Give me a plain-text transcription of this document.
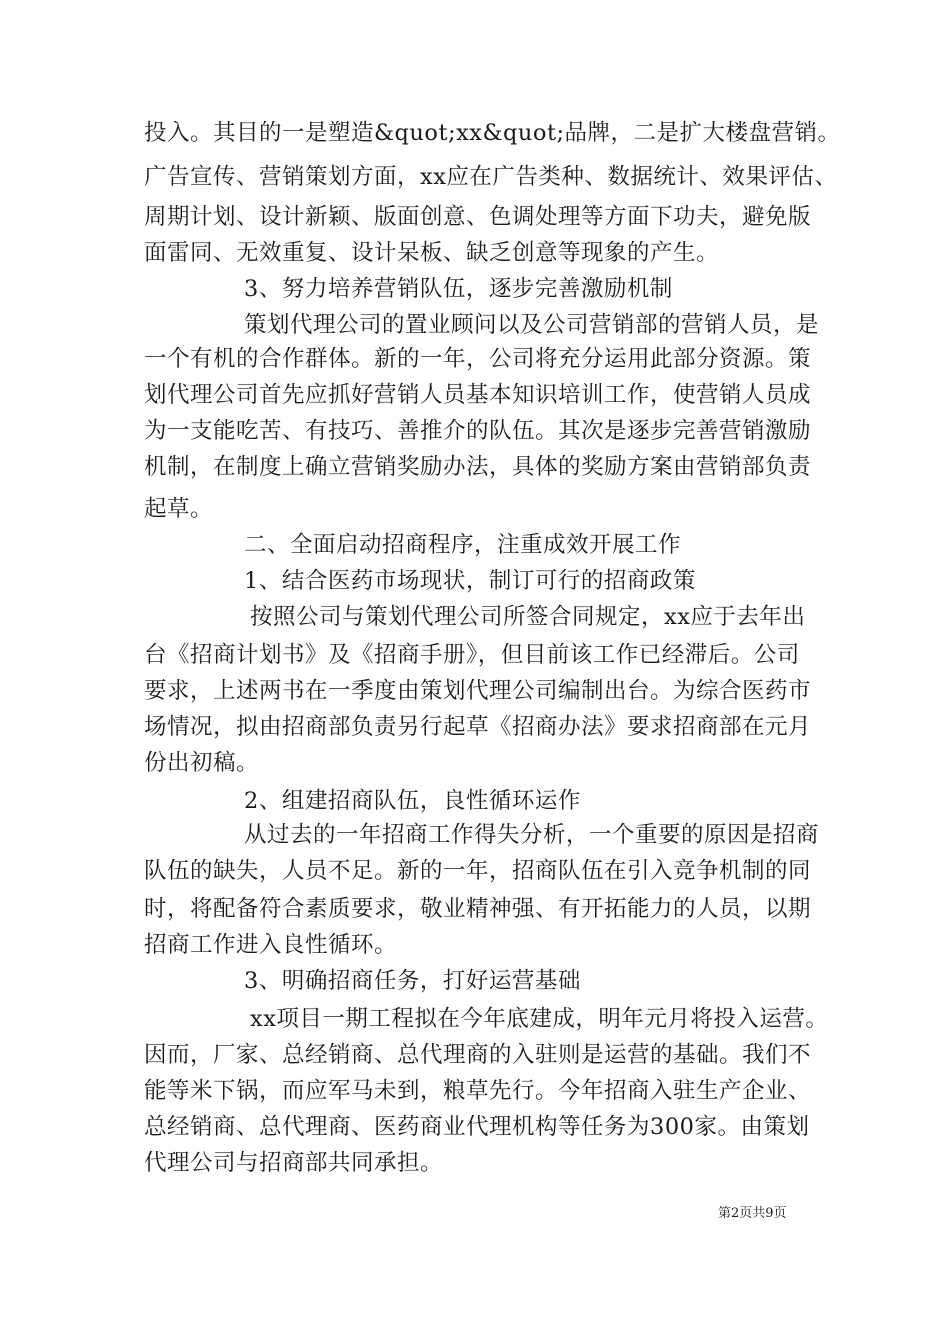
投入。其目的一是塑造&quot;xx&quot;品牌，二是扩大楼盘营销。
广告宣传、营销策划方面，xx应在广告类种、数据统计、效果评估、
周期计划、设计新颖、版面创意、色调处理等方面下功夫，避免版
面雷同、无效重复、设计呆板、缺乏创意等现象的产生。
3、努力培养营销队伍，逐步完善激励机制
策划代理公司的置业顾问以及公司营销部的营销人员，是
一个有机的合作群体。新的一年，公司将充分运用此部分资源。策
划代理公司首先应抓好营销人员基本知识培训工作，使营销人员成
为一支能吃苦、有技巧、善推介的队伍。其次是逐步完善营销激励
机制，在制度上确立营销奖励办法，具体的奖励方案由营销部负责
起草。
二、全面启动招商程序，注重成效开展工作
1、结合医药市场现状，制订可行的招商政策
按照公司与策划代理公司所签合同规定，xx应于去年出
台《招商计划书》及《招商手册》，但目前该工作已经滞后。公司
要求，上述两书在一季度由策划代理公司编制出台。为综合医药市
场情况，拟由招商部负责另行起草《招商办法》要求招商部在元月
份出初稿。
2、组建招商队伍，良性循环运作
从过去的一年招商工作得失分析，一个重要的原因是招商
队伍的缺失，人员不足。新的一年，招商队伍在引入竞争机制的同
时，将配备符合素质要求，敬业精神强、有开拓能力的人员，以期
招商工作进入良性循环。
3、明确招商任务，打好运营基础
xx项目一期工程拟在今年底建成，明年元月将投入运营。
因而，厂家、总经销商、总代理商的入驻则是运营的基础。我们不
能等米下锅，而应军马未到，粮草先行。今年招商入驻生产企业、
总经销商、总代理商、医药商业代理机构等任务为300家。由策划
代理公司与招商部共同承担。
第2页共9页
